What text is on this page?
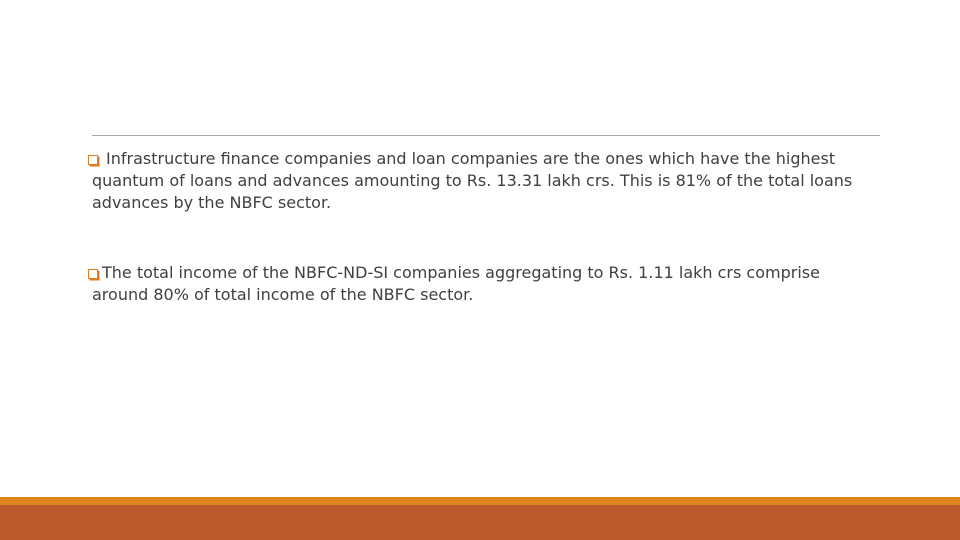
Infrastructure finance companies and loan companies are the ones which have the highest
quantum of loans and advances amounting to Rs. 13.31 lakh crs. This is 81% of the total loans
advances by the NBFC sector.
The total income of the NBFC-ND-SI companies aggregating to Rs. 1.11 lakh crs comprise
around 80% of total income of the NBFC sector.
